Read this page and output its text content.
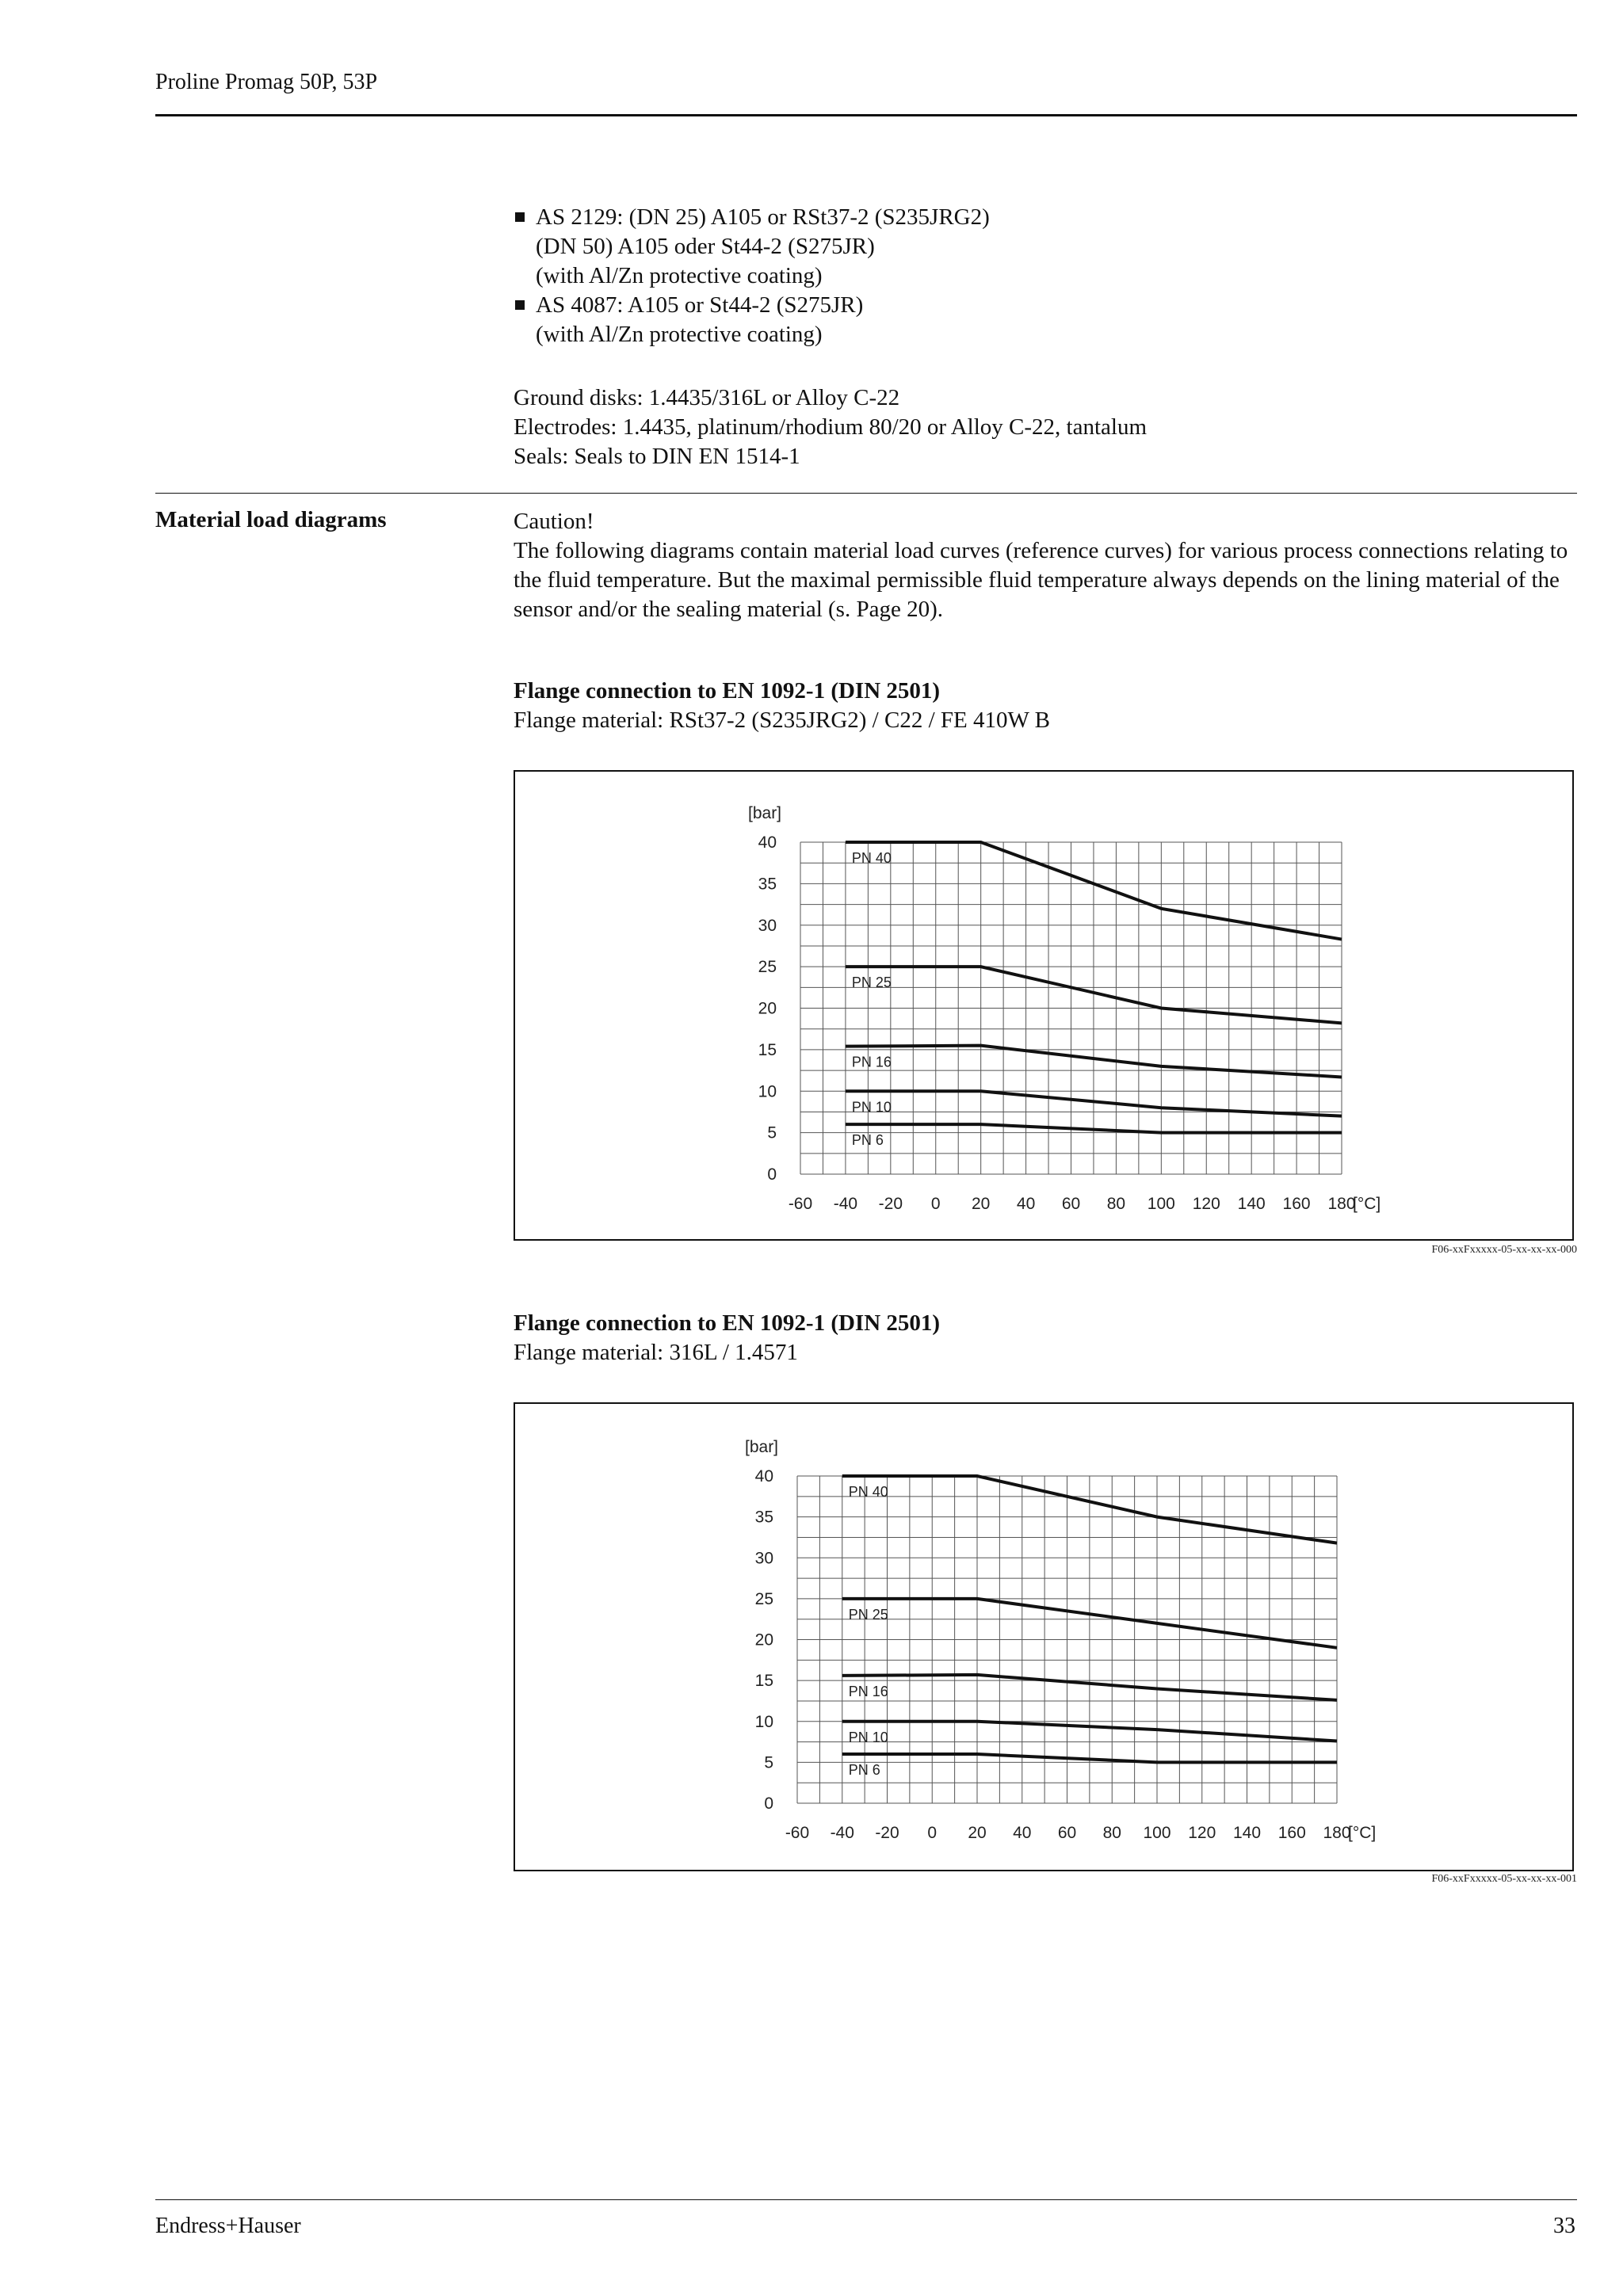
Proline Promag 50P, 53P
AS 2129: (DN 25) A105 or RSt37-2 (S235JRG2)
(DN 50) A105 oder St44-2 (S275JR)
(with Al/Zn protective coating)
AS 4087: A105 or St44-2 (S275JR)
(with Al/Zn protective coating)
Ground disks: 1.4435/316L or Alloy C-22
Electrodes: 1.4435, platinum/rhodium 80/20 or Alloy C-22, tantalum
Seals: Seals to DIN EN 1514-1
Material load diagrams	Caution!
The following diagrams contain material load curves (reference curves) for various process connections relating to the fluid temperature. But the maximal permissible fluid temperature always depends on the lining material of the sensor and/or the sealing material (s. Page 20).
Flange connection to EN 1092-1 (DIN 2501)
Flange material: RSt37-2 (S235JRG2) / C22 / FE 410W B
0
5
10
15
20
25
30
35
40
-60 -40 -20 0 20 40 60 80 100 120 140 160 180
[bar]
[°C]
PN 40
PN 25
PN 16
PN 10
PN 6
F06-xxFxxxxx-05-xx-xx-xx-000
Flange connection to EN 1092-1 (DIN 2501)
Flange material: 316L / 1.4571
0
5
10
15
20
25
30
35
40
-60 -40 -20 0 20 40 60 80 100 120 140 160 180
[bar]
[°C]
PN 40
PN 25
PN 16
PN 10
PN 6
F06-xxFxxxxx-05-xx-xx-xx-001
Endress+Hauser	33
